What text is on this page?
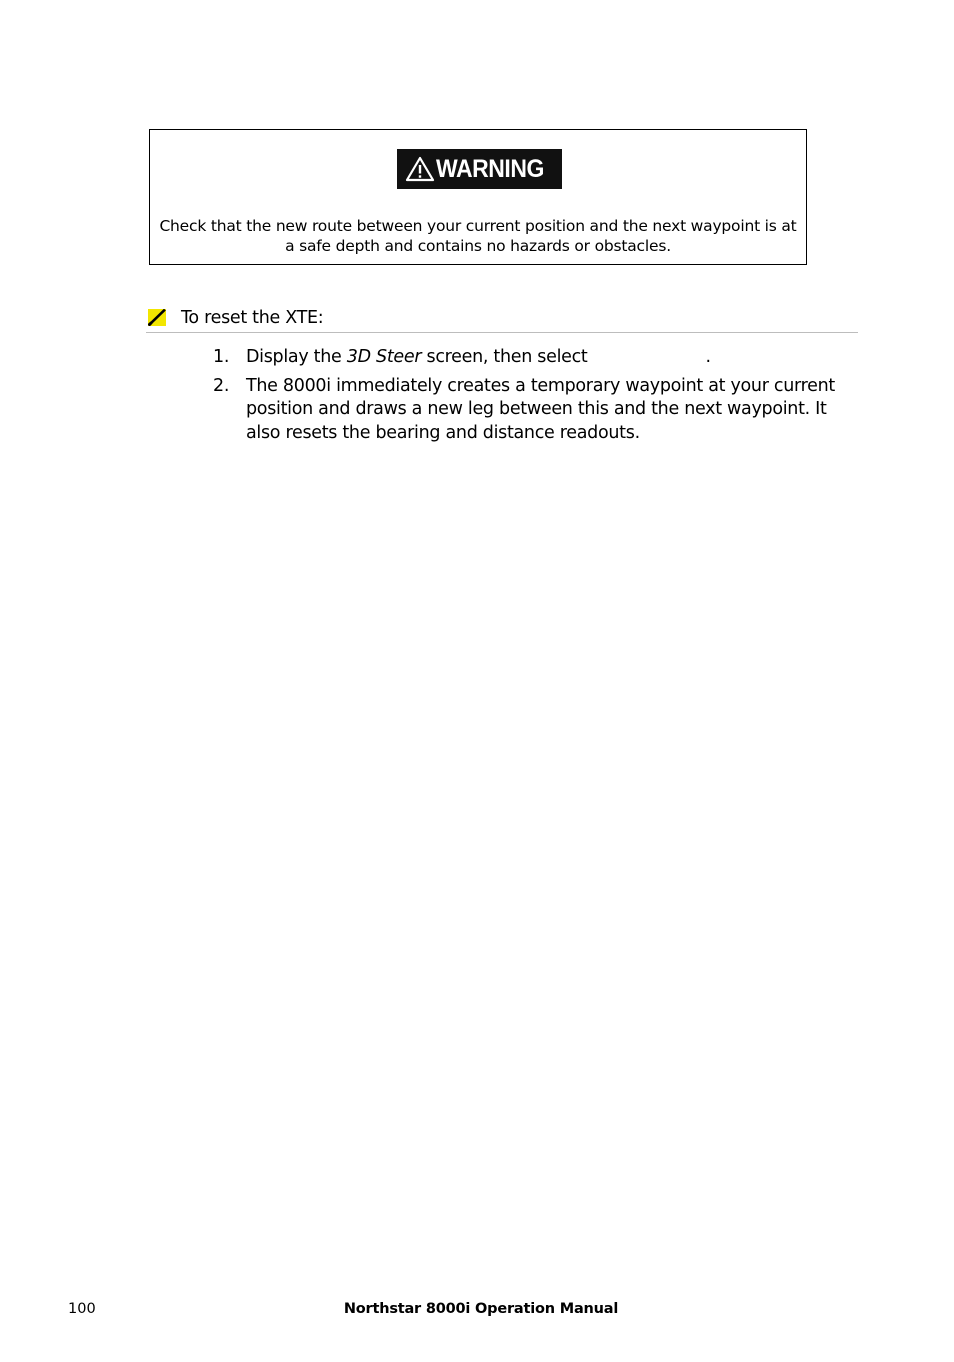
WARNING
Check that the new route between your current position and the next waypoint is at a safe depth and contains no hazards or obstacles.
To reset the XTE:
1. Display the 3D Steer screen, then select	.
2. The 8000i immediately creates a temporary waypoint at your current position and draws a new leg between this and the next waypoint. It also resets the bearing and distance readouts.
100	Northstar 8000i Operation Manual
